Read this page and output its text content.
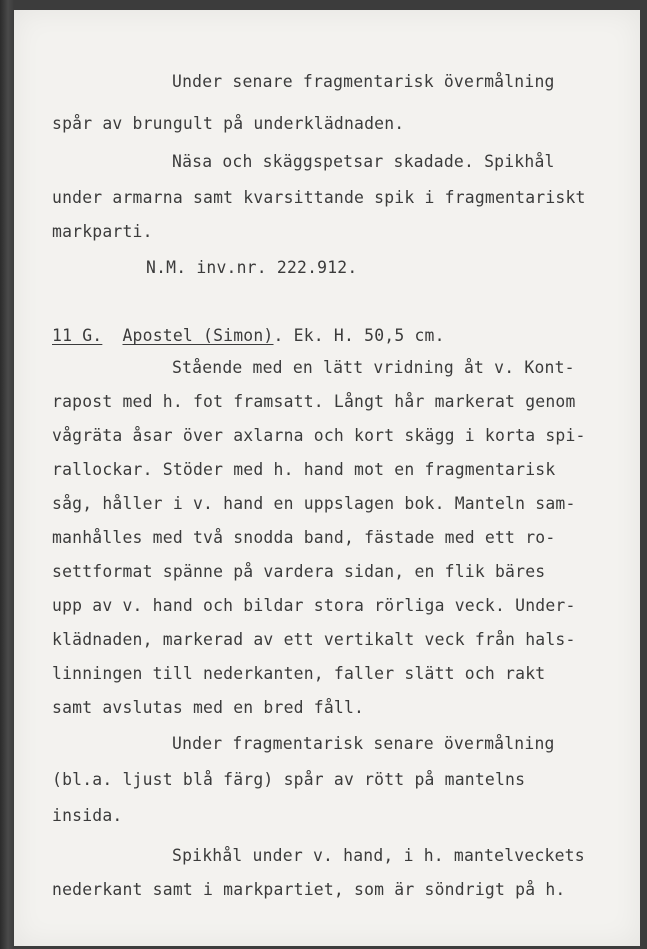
Under senare fragmentarisk övermålning
spår av brungult på underklädnaden.
Näsa och skäggspetsar skadade. Spikhål
under armarna samt kvarsittande spik i fragmentariskt
markparti.
N.M. inv.nr. 222.912.
11 G. Apostel (Simon). Ek. H. 50,5 cm.
Stående med en lätt vridning åt v. Kont-
rapost med h. fot framsatt. Långt hår markerat genom
vågräta åsar över axlarna och kort skägg i korta spi-
rallockar. Stöder med h. hand mot en fragmentarisk
såg, håller i v. hand en uppslagen bok. Manteln sam-
manhålles med två snodda band, fästade med ett ro-
settformat spänne på vardera sidan, en flik bäres
upp av v. hand och bildar stora rörliga veck. Under-
klädnaden, markerad av ett vertikalt veck från hals-
linningen till nederkanten, faller slätt och rakt
samt avslutas med en bred fåll.
Under fragmentarisk senare övermålning
(bl.a. ljust blå färg) spår av rött på mantelns
insida.
Spikhål under v. hand, i h. mantelveckets
nederkant samt i markpartiet, som är söndrigt på h.
